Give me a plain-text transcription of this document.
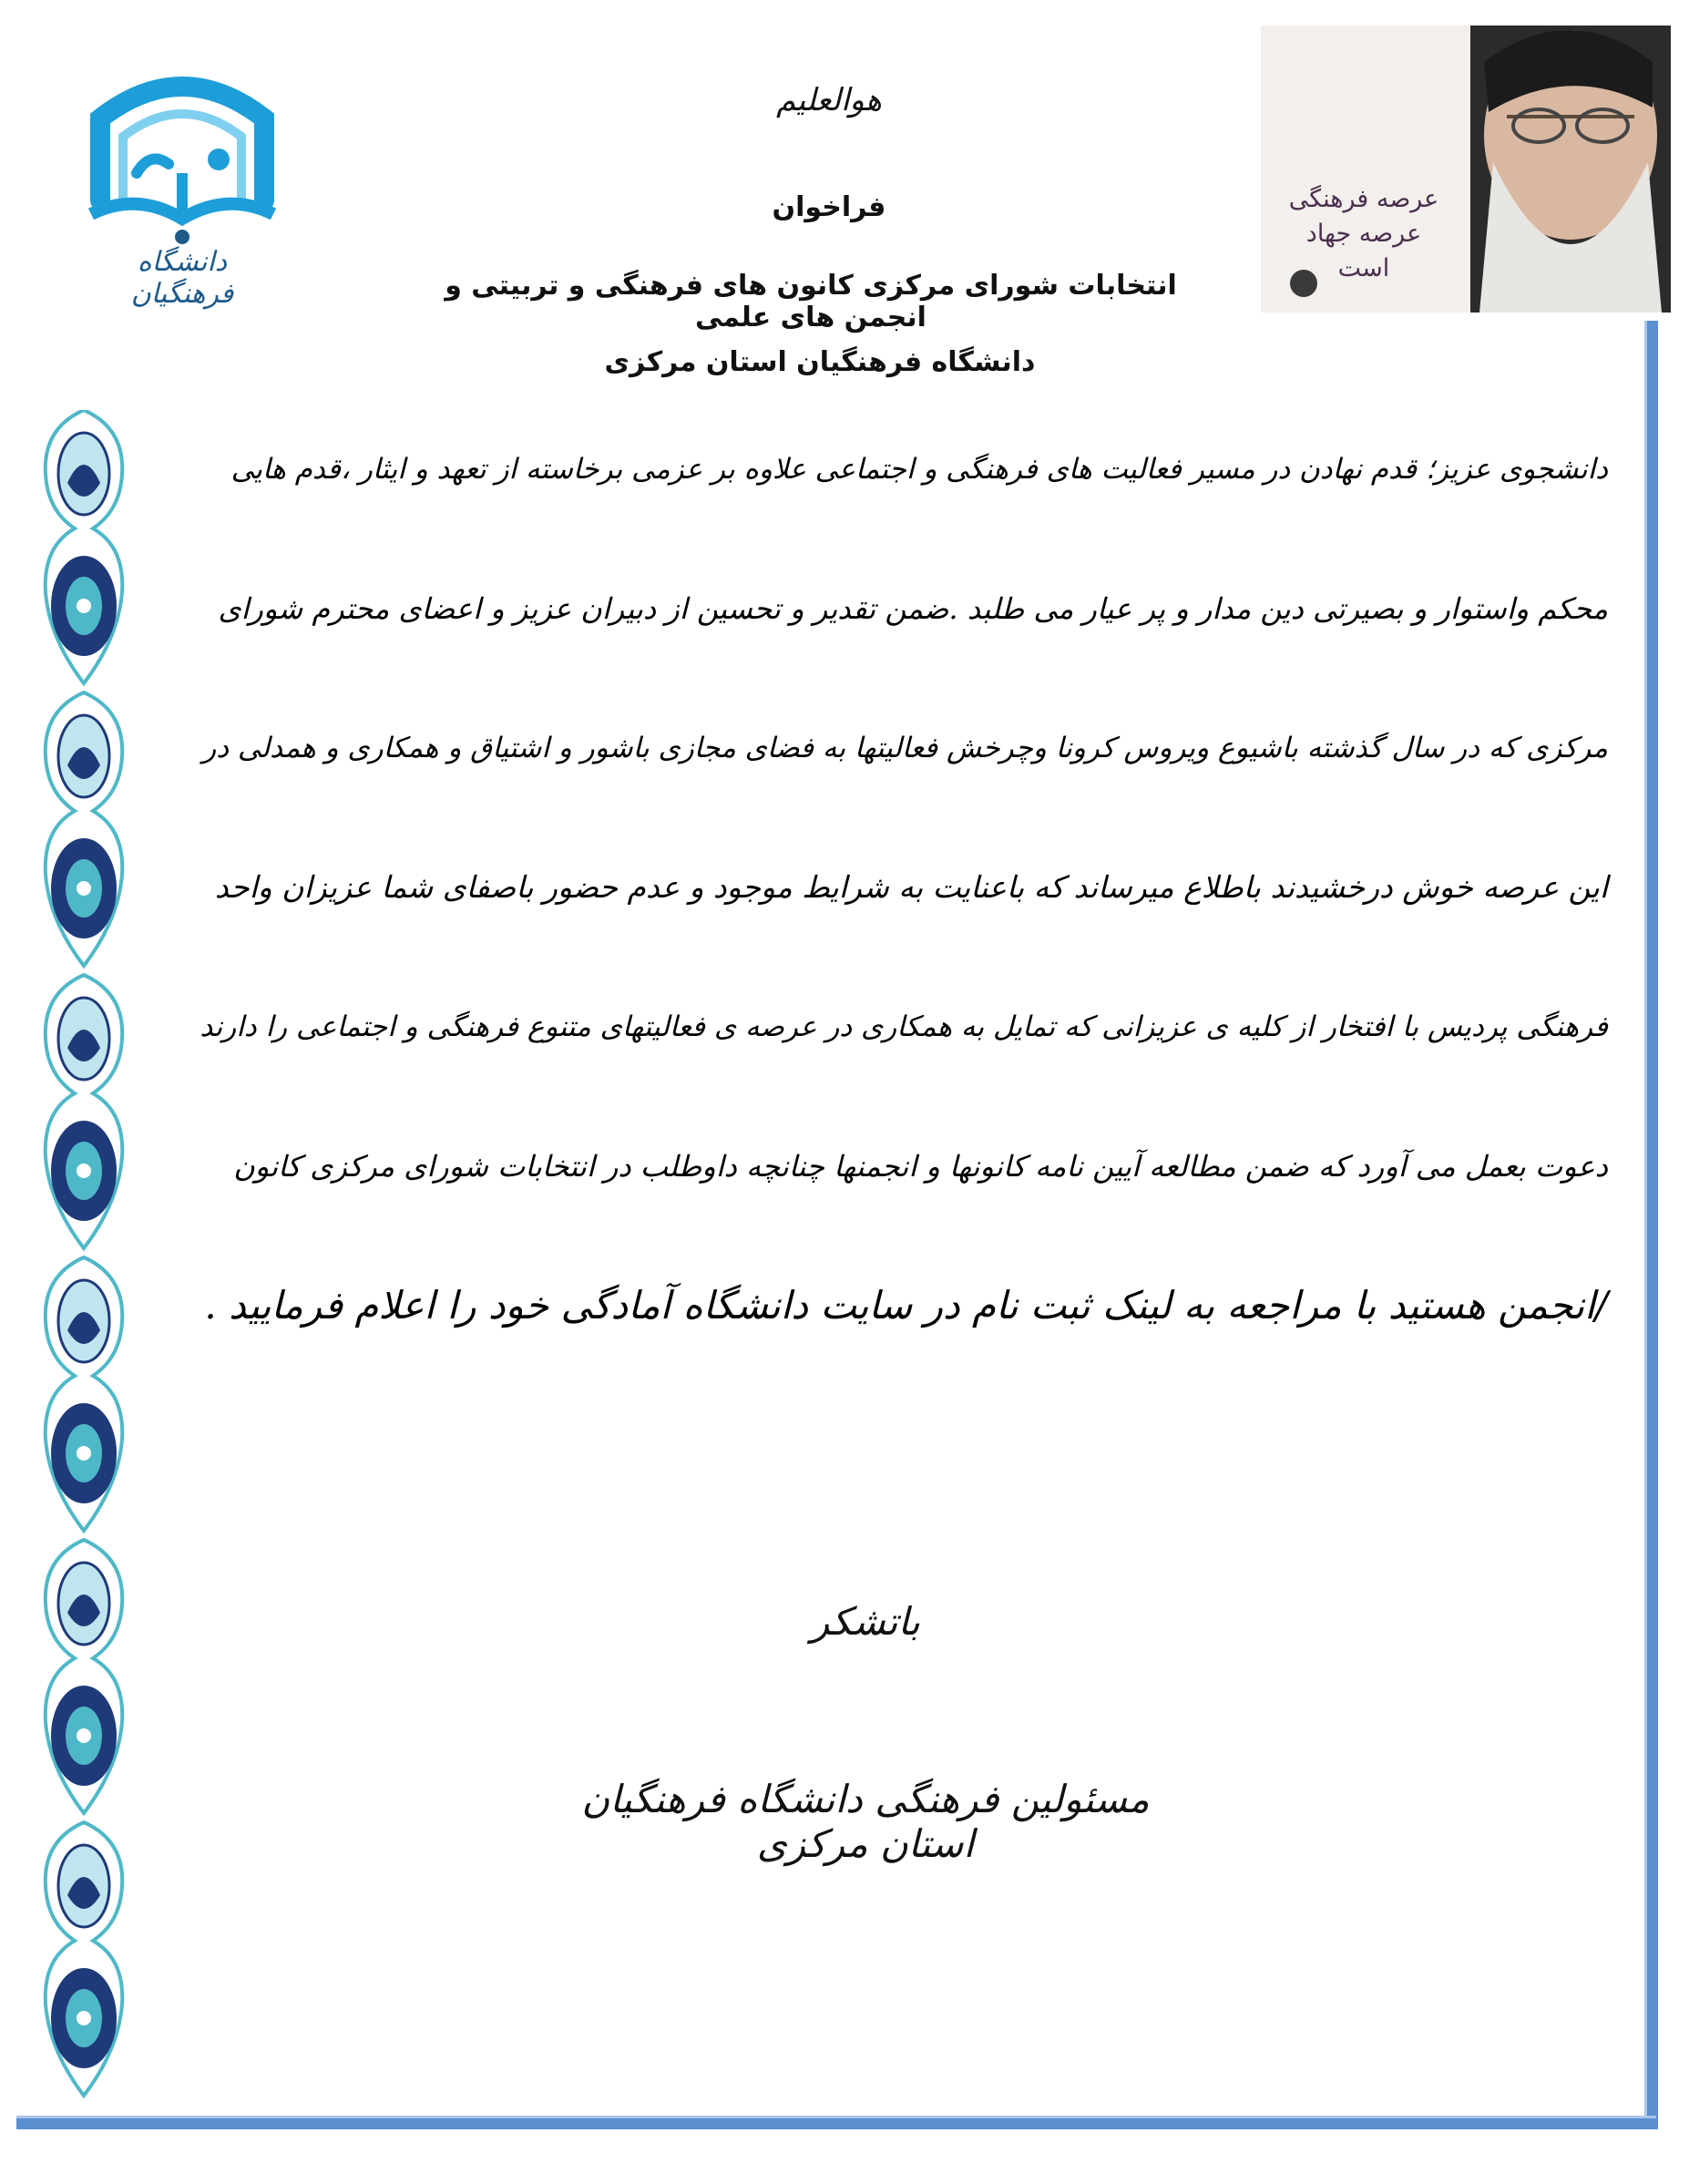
دانشگاه فرهنگیان
هوالعلیم
فراخوان
انتخابات شورای مرکزی کانون های فرهنگی و تربیتی و انجمن های علمی
دانشگاه فرهنگیان استان مرکزی
عرصه فرهنگی
عرصه جهاد است
دانشجوی عزیز؛ قدم نهادن در مسیر فعالیت های فرهنگی و اجتماعی علاوه بر عزمی برخاسته از تعهد و ایثار ،قدم هایی
محکم واستوار و بصیرتی دین مدار و پر عیار می طلبد .ضمن تقدیر و تحسین از دبیران عزیز و اعضای محترم شورای
مرکزی که در سال گذشته باشیوع ویروس کرونا وچرخش فعالیتها به فضای مجازی باشور و اشتیاق و همکاری و همدلی در
این عرصه خوش درخشیدند باطلاع میرساند که باعنایت به شرایط موجود و عدم حضور باصفای شما عزیزان واحد
فرهنگی پردیس با افتخار از کلیه ی عزیزانی که تمایل به همکاری در عرصه ی فعالیتهای متنوع فرهنگی و اجتماعی را دارند
دعوت بعمل می آورد که ضمن مطالعه آیین نامه کانونها و انجمنها چنانچه داوطلب در انتخابات شورای مرکزی کانون
/انجمن هستید با مراجعه به لینک ثبت نام در سایت دانشگاه آمادگی خود را اعلام فرمایید .
باتشکر
مسئولین فرهنگی دانشگاه فرهنگیان استان مرکزی
